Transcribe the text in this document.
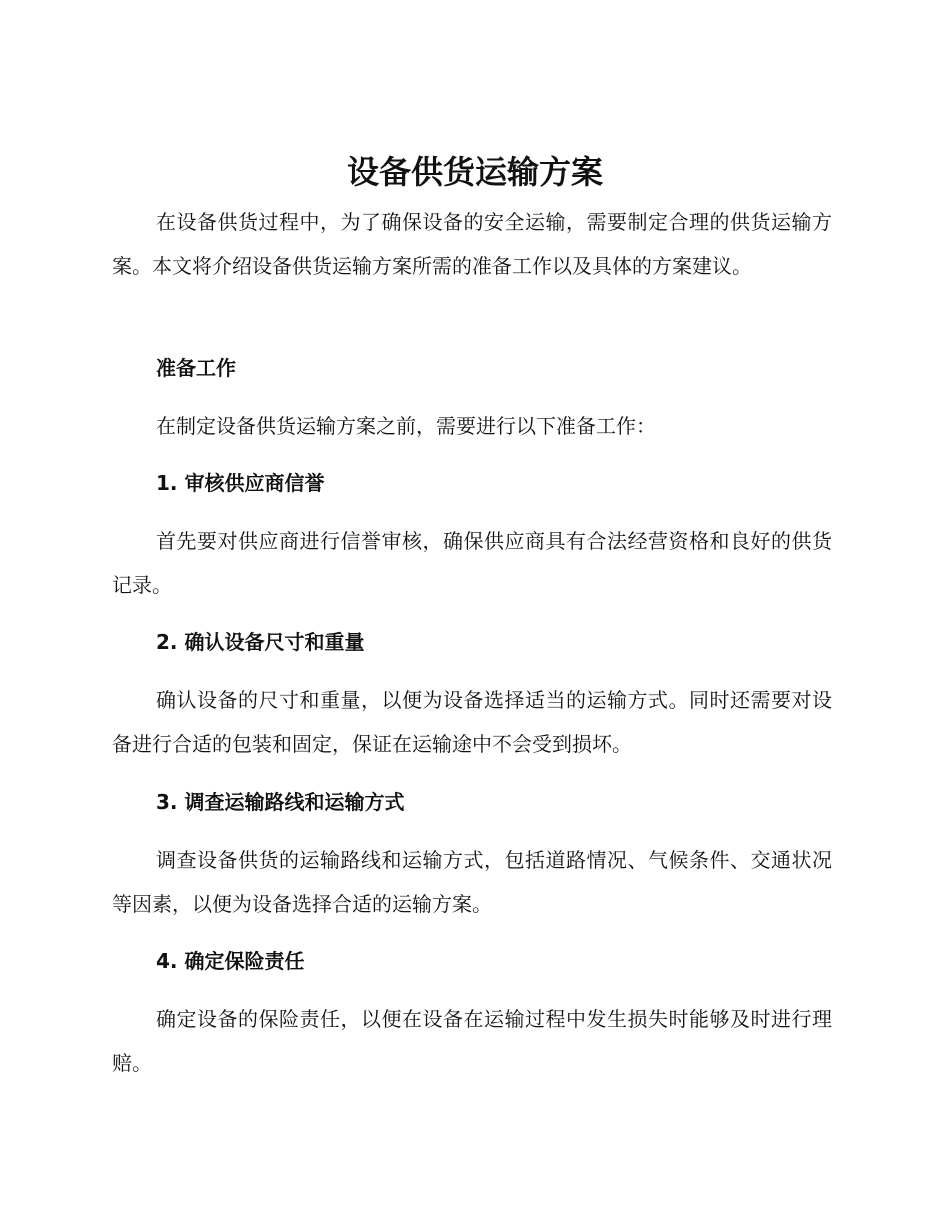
设备供货运输方案

在设备供货过程中，为了确保设备的安全运输，需要制定合理的供货运输方案。本文将介绍设备供货运输方案所需的准备工作以及具体的方案建议。

准备工作

在制定设备供货运输方案之前，需要进行以下准备工作：

1. 审核供应商信誉

首先要对供应商进行信誉审核，确保供应商具有合法经营资格和良好的供货记录。

2. 确认设备尺寸和重量

确认设备的尺寸和重量，以便为设备选择适当的运输方式。同时还需要对设备进行合适的包装和固定，保证在运输途中不会受到损坏。

3. 调查运输路线和运输方式

调查设备供货的运输路线和运输方式，包括道路情况、气候条件、交通状况等因素，以便为设备选择合适的运输方案。

4. 确定保险责任

确定设备的保险责任，以便在设备在运输过程中发生损失时能够及时进行理赔。
